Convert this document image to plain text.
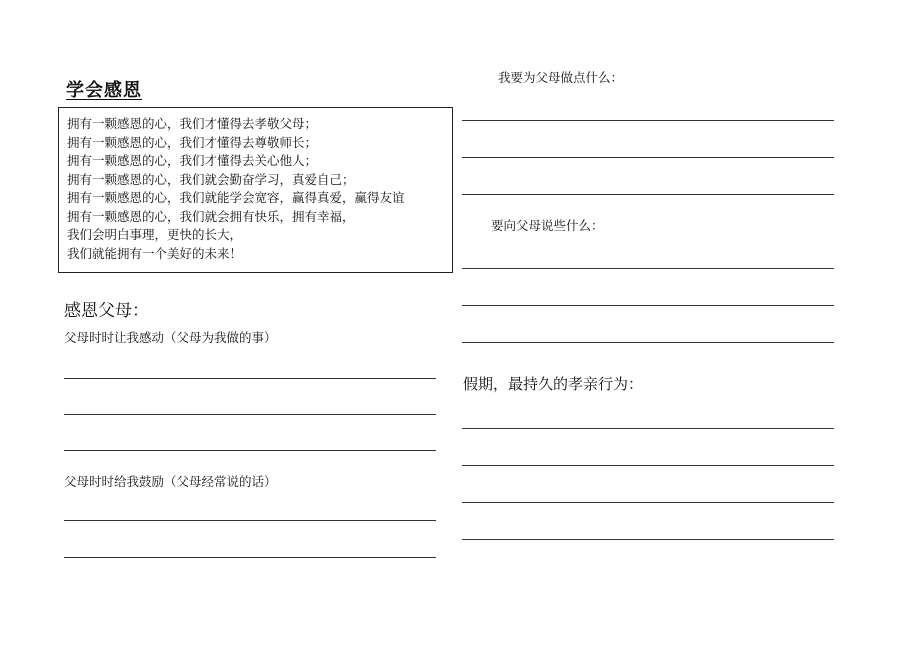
学会感恩
拥有一颗感恩的心，我们才懂得去孝敬父母；
拥有一颗感恩的心，我们才懂得去尊敬师长；
拥有一颗感恩的心，我们才懂得去关心他人；
拥有一颗感恩的心，我们就会勤奋学习，真爱自己；
拥有一颗感恩的心，我们就能学会宽容，赢得真爱，赢得友谊
拥有一颗感恩的心，我们就会拥有快乐，拥有幸福，
我们会明白事理，更快的长大，
我们就能拥有一个美好的未来！
感恩父母：
父母时时让我感动（父母为我做的事）
父母时时给我鼓励（父母经常说的话）
我要为父母做点什么：
要向父母说些什么：
假期，最持久的孝亲行为：
